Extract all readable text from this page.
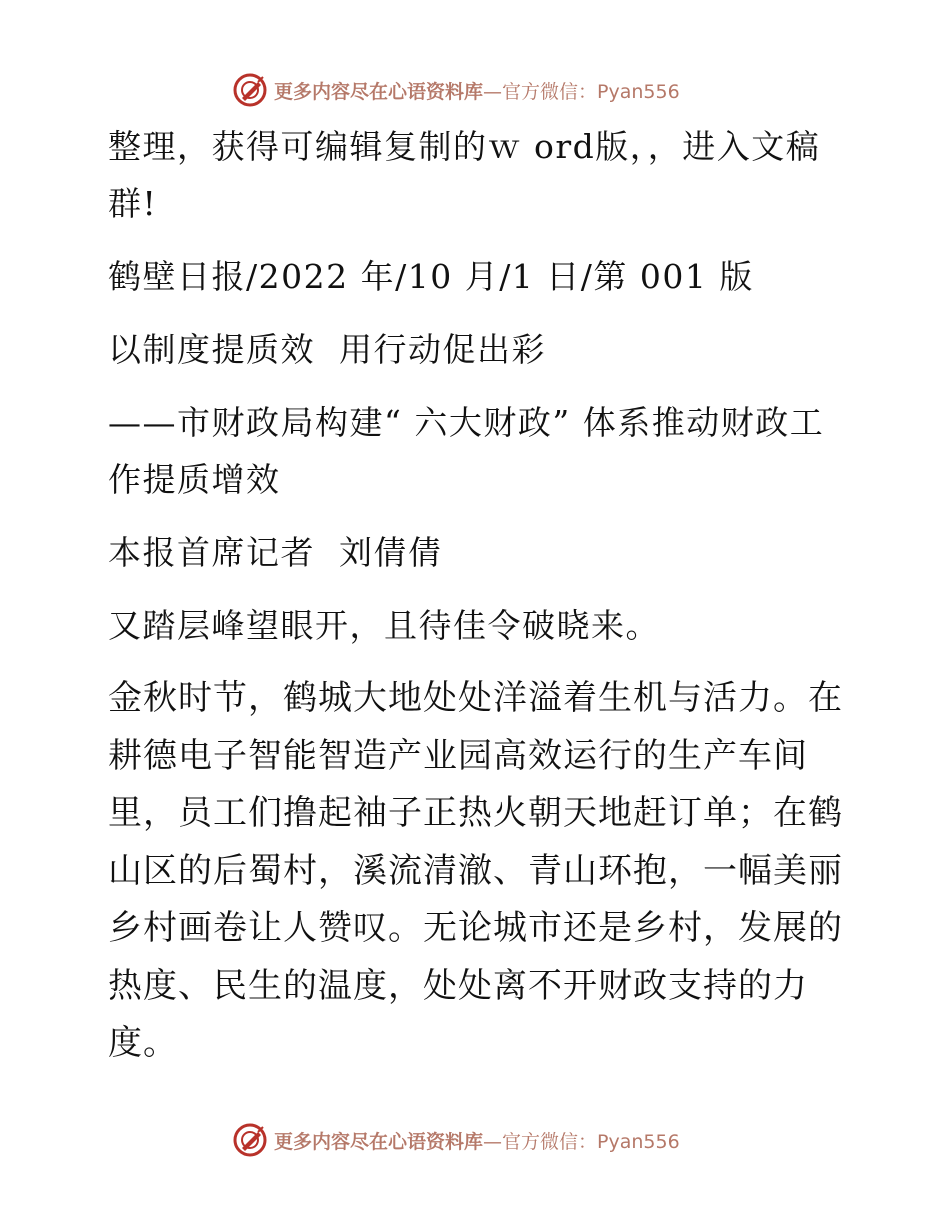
更多内容尽在心语资料库—官方微信：Pyan556

整理，获得可编辑复制的ｗ ord版，，进入文稿群!

鹤壁日报/2022 年/10 月/1 日/第 001 版

以制度提质效  用行动促出彩

——市财政局构建“ 六大财政” 体系推动财政工作提质增效

本报首席记者  刘倩倩

又踏层峰望眼开，且待佳令破晓来。

金秋时节，鹤城大地处处洋溢着生机与活力。在耕德电子智能智造产业园高效运行的生产车间里，员工们撸起袖子正热火朝天地赶订单；在鹤山区的后蜀村，溪流清澈、青山环抱，一幅美丽乡村画卷让人赞叹。无论城市还是乡村，发展的热度、民生的温度，处处离不开财政支持的力度。

更多内容尽在心语资料库—官方微信：Pyan556
